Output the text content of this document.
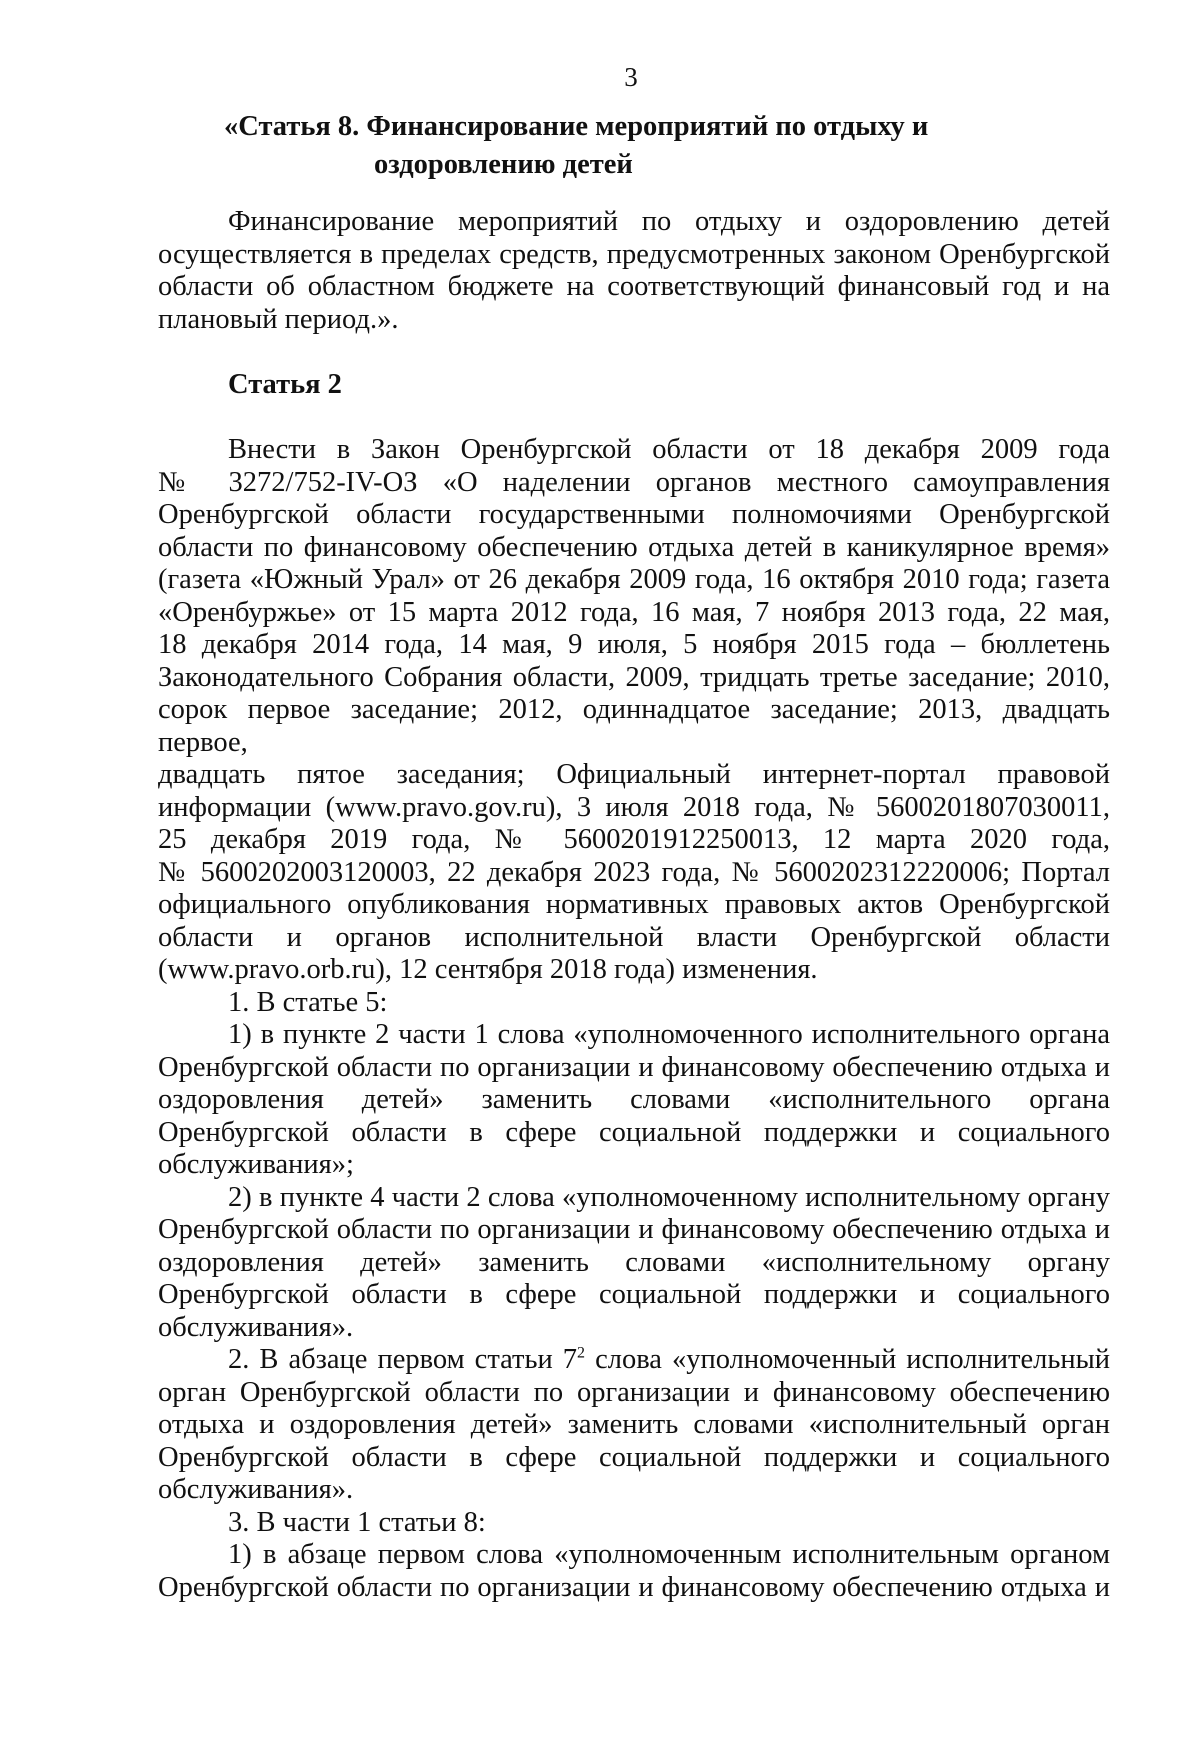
3
«Статья 8. Финансирование мероприятий по отдыху и
оздоровлению детей

Финансирование мероприятий по отдыху и оздоровлению детей

осуществляется в пределах средств, предусмотренных законом Оренбургской

области об областном бюджете на соответствующий финансовый год и на

плановый период.».

Статья 2

Внести в Закон Оренбургской области от 18 декабря 2009 года

№ 3272/752-IV-ОЗ «О наделении органов местного самоуправления

Оренбургской области государственными полномочиями Оренбургской

области по финансовому обеспечению отдыха детей в каникулярное время»

(газета «Южный Урал» от 26 декабря 2009 года, 16 октября 2010 года; газета

«Оренбуржье» от 15 марта 2012 года, 16 мая, 7 ноября 2013 года, 22 мая,

18 декабря 2014 года, 14 мая, 9 июля, 5 ноября 2015 года – бюллетень

Законодательного Собрания области, 2009, тридцать третье заседание; 2010,

сорок первое заседание; 2012, одиннадцатое заседание; 2013, двадцать первое,

двадцать пятое заседания; Официальный интернет-портал правовой

информации (www.pravo.gov.ru), 3 июля 2018 года, № 5600201807030011,

25 декабря 2019 года, № 5600201912250013, 12 марта 2020 года,

№ 5600202003120003, 22 декабря 2023 года, № 5600202312220006; Портал

официального опубликования нормативных правовых актов Оренбургской

области и органов исполнительной власти Оренбургской области

(www.pravo.orb.ru), 12 сентября 2018 года) изменения.

1. В статье 5:

1) в пункте 2 части 1 слова «уполномоченного исполнительного органа

Оренбургской области по организации и финансовому обеспечению отдыха и

оздоровления детей» заменить словами «исполнительного органа

Оренбургской области в сфере социальной поддержки и социального

обслуживания»;

2) в пункте 4 части 2 слова «уполномоченному исполнительному органу

Оренбургской области по организации и финансовому обеспечению отдыха и

оздоровления детей» заменить словами «исполнительному органу

Оренбургской области в сфере социальной поддержки и социального

обслуживания».

2. В абзаце первом статьи $7^2$ слова «уполномоченный исполнительный

орган Оренбургской области по организации и финансовому обеспечению

отдыха и оздоровления детей» заменить словами «исполнительный орган

Оренбургской области в сфере социальной поддержки и социального

обслуживания».

3. В части 1 статьи 8:

1) в абзаце первом слова «уполномоченным исполнительным органом

Оренбургской области по организации и финансовому обеспечению отдыха и
